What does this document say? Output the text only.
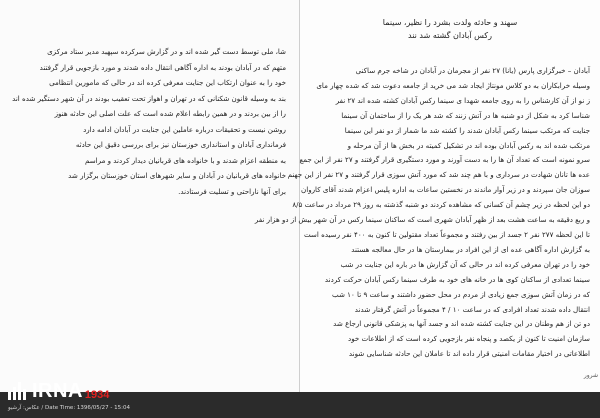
شا، ملی توسط دست گیر شده اند و در گزارش سرکرده سپهبد مدیر ستاد مرکزی
متهم که در آبادان بودند به اداره آگاهی انتقال داده شدند و مورد بازجویی قرار گرفتند
خود را به عنوان ارتکاب این جنایت معرفی کرده اند در حالی که مامورین انتظامی
بند به وسیله قانون شکنانی که در تهران و اهواز تحت تعقیب بودند در آن شهر دستگیر شده اند
را از بین بردند و در همین رابطه اعلام شده است که علت اصلی این حادثه هنوز
روشن نیست و تحقیقات درباره عاملین این جنایت در آبادان ادامه دارد
فرمانداری آبادان و استانداری خوزستان نیز برای بررسی دقیق این حادثه
به منطقه اعزام شدند و با خانواده های قربانیان دیدار کردند و مراسم
خانواده های قربانیان در آبادان و سایر شهرهای استان خوزستان برگزار شد
برای آنها ناراحتی و تسلیت فرستادند.
سهند و حادثه ولدت بشرد را نظیر، سینما
رکس آبادان گشته شد نند
آبادان – خبرگزاری پارس (یانا) ۲۷ نفر از مجرمان در آبادان در شاخه جرم ساکنی
وسیله خرابکاران به دو کلاس مونتاژ ایجاد شد می خرید از جامعه دعوت شد که شده چهار مای
ز نو از آن کارشناس را به روی جامعه شهدا ی سینما رکس آبادان کشته شده اند ۲۷ نفر
شناسا کرد به شکل از دو شنبه ها در آتش زنند که شد هر یک را از ساختمان آن سینما
جنایت که مرتکب سینما رکس آبادان شدند را کشته شد ما شمار از دو نفر این سینما
مرتکب شده اند به رکس آبادان بوده اند در تشکیل کمیته در بخش ها از آن مرحله و
سرو نمونه است که تعداد آن ها را به دست آورند و مورد دستگیری قرار گرفتند و ۲۷ نفر از این جمع
عده ها تانان شهادت در سرداری و با هم چند شد که مورد آتش سوزی قرار گرفتند و ۲۷ نفر از این جهنم
سوزان جان سپردند و در زیر آوار ماندند در نخستین ساعات به اداره پلیس اعزام شدند آقای کاروان
دو این لحظه در زیر چشم آن کسانی که مشاهده کردند دو شنبه گذشته به روز ۲۹ مرداد در ساعت ۸/۵
و ربع دقیقه به ساعت هشت بعد از ظهر آبادان شهری است که ساکنان سینما رکس در آن شهر بیش از دو هزار نفر
تا این لحظه ۲۷۷ نفر ۲ جسد از بین رفتند و مجموعاً تعداد مقتولین تا کنون به ۴۰۰ نفر رسیده است
به گزارش اداره آگاهی عده ای از این افراد در بیمارستان ها در حال معالجه هستند
خود را در تهران معرفی کرده اند در حالی که آن گزارش ها در باره این جنایت در شب
سینما تعدادی از ساکنان کوی ها در خانه های خود به طرف سینما رکس آبادان حرکت کردند
که در زمان آتش سوزی جمع زیادی از مردم در محل حضور داشتند و ساعت ۹ تا ۱۰ شب
انتقال داده شدند تعداد افرادی که در ساعت ۱۰ / ۴ مجموعاً در آتش گرفتار شدند
دو تن از هم وطنان در این جنایت کشته شده اند و جسد آنها به پزشکی قانونی ارجاع شد
سازمان امنیت تا کنون از یکصد و پنجاه نفر بازجویی کرده است که از اطلاعات خود
اطلاعاتی در اختیار مقامات امنیتی قرار داده اند تا عاملان این حادثه شناسایی شوند
IRNA 1934
عکاس: آرشیو / Date Time: 1396/05/27 - 15:04
شرور
